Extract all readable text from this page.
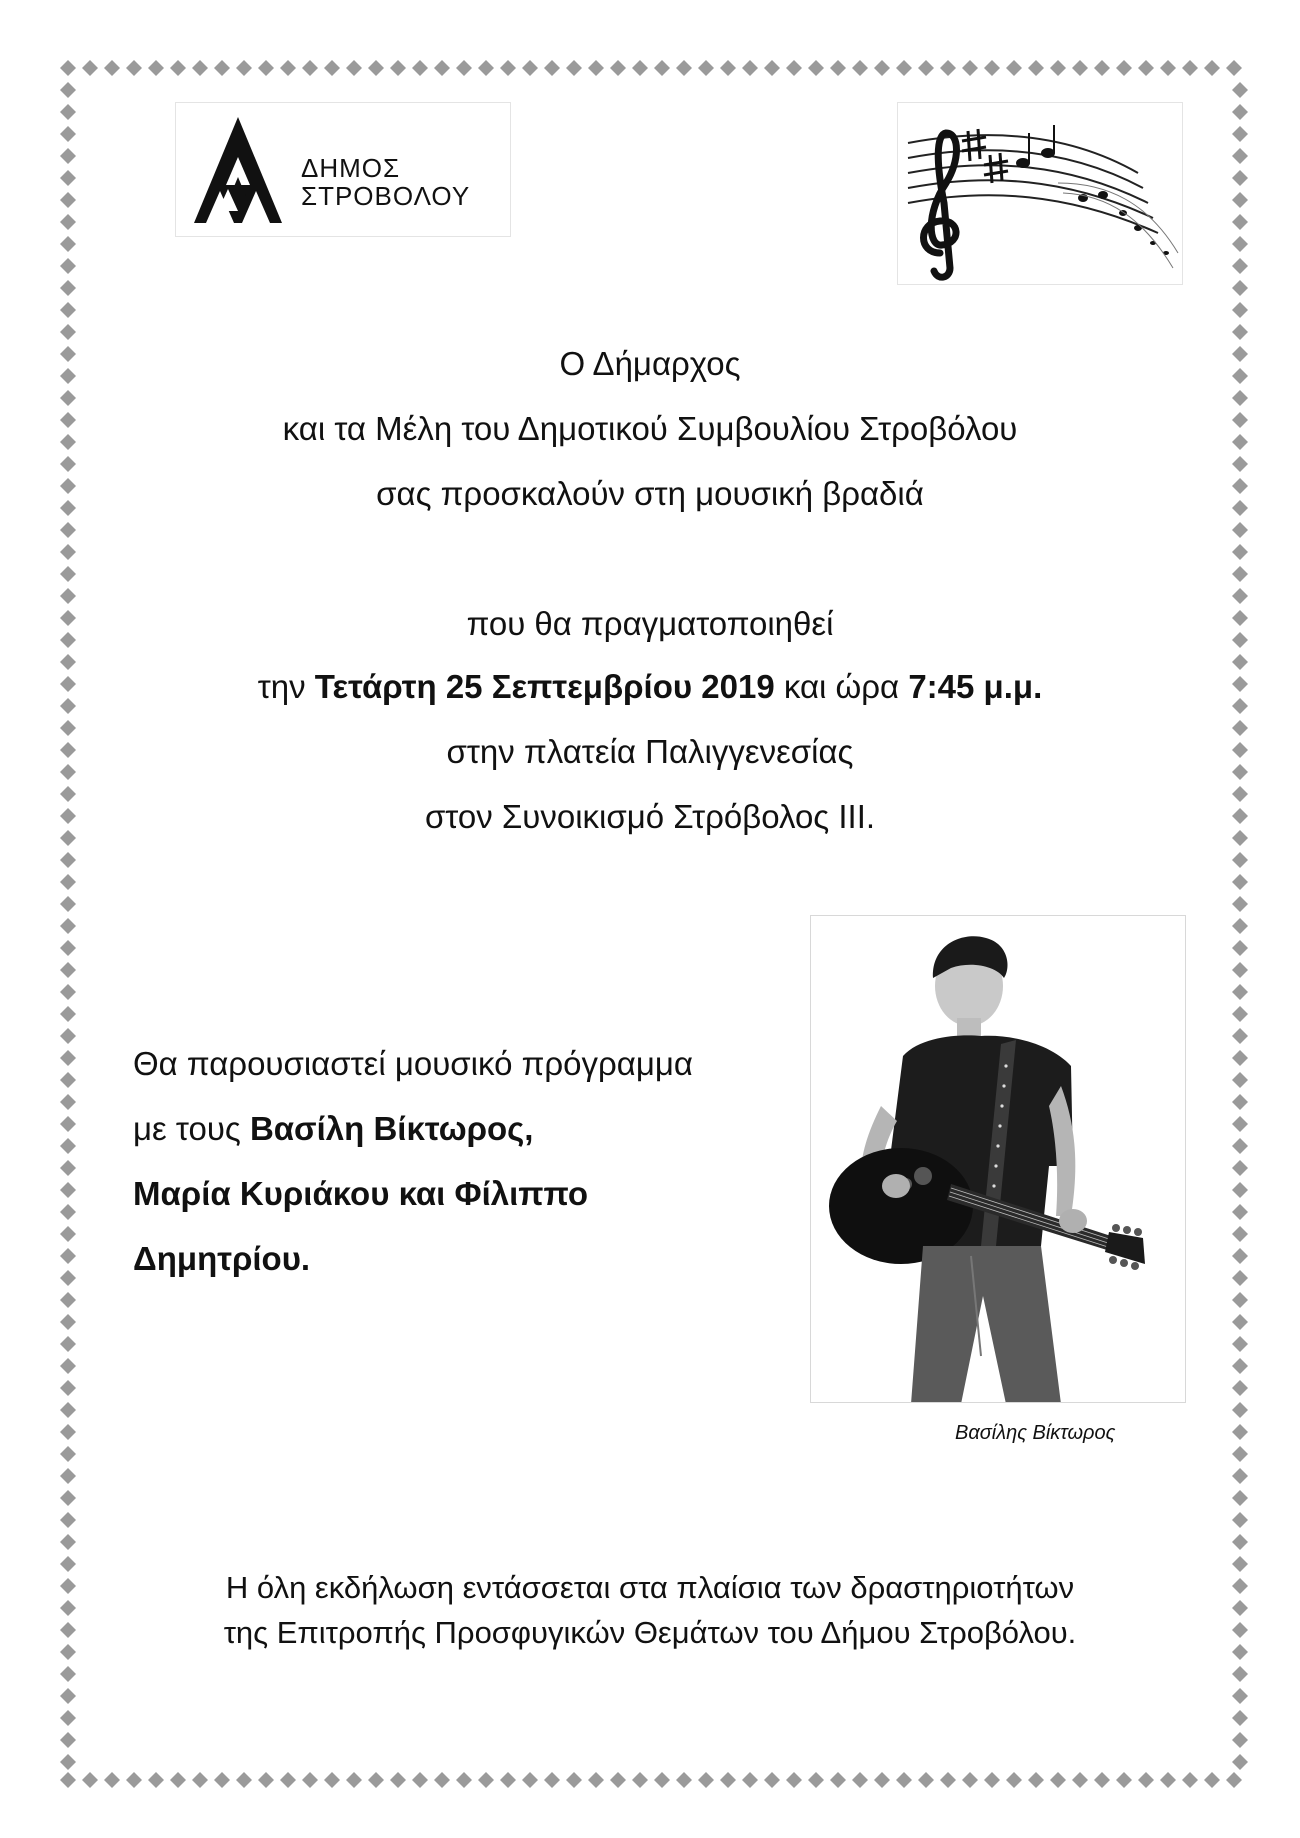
ΔΗΜΟΣ
ΣΤΡΟΒΟΛΟΥ
Ο Δήμαρχος
και τα Μέλη του Δημοτικού Συμβουλίου Στροβόλου
σας προσκαλούν στη μουσική βραδιά
που θα πραγματοποιηθεί
την Τετάρτη 25 Σεπτεμβρίου 2019 και ώρα 7:45 μ.μ.
στην πλατεία Παλιγγενεσίας
στον Συνοικισμό Στρόβολος ΙΙΙ.
Θα παρουσιαστεί μουσικό πρόγραμμα
με τους Βασίλη Βίκτωρος,
Μαρία Κυριάκου και Φίλιππο
Δημητρίου.
Βασίλης Βίκτωρος
Η όλη εκδήλωση εντάσσεται στα πλαίσια των δραστηριοτήτων
της Επιτροπής Προσφυγικών Θεμάτων του Δήμου Στροβόλου.
